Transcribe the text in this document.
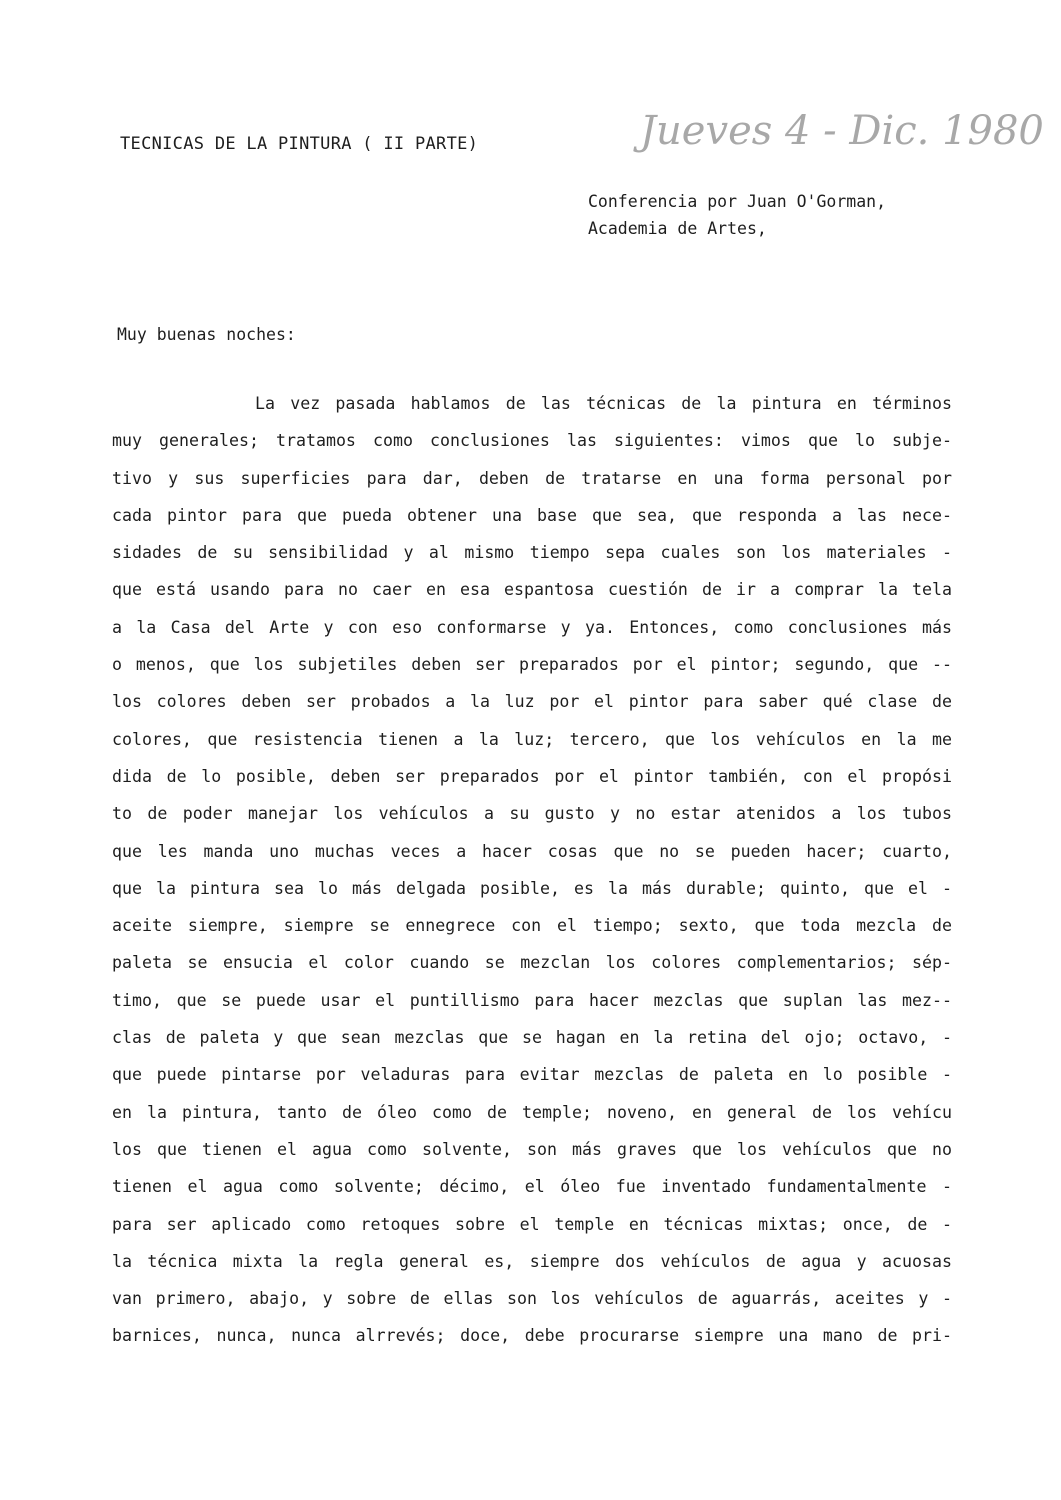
TECNICAS DE LA PINTURA ( II PARTE)	Jueves 4 - Dic. 1980
Conferencia por Juan O'Gorman,
Academia de Artes,
Muy buenas noches:
La vez pasada hablamos de las técnicas de la pintura en términos
muy generales; tratamos como conclusiones las siguientes: vimos que lo subje-
tivo y sus superficies para dar, deben de tratarse en una forma personal por
cada pintor para que pueda obtener una base que sea, que responda a las nece-
sidades de su sensibilidad y al mismo tiempo sepa cuales son los materiales -
que está usando para no caer en esa espantosa cuestión de ir a comprar la tela
a la Casa del Arte y con eso conformarse y ya. Entonces, como conclusiones más
o menos, que los subjetiles deben ser preparados por el pintor; segundo, que --
los colores deben ser probados a la luz por el pintor para saber qué clase de
colores, que resistencia tienen a la luz; tercero, que los vehículos en la me
dida de lo posible, deben ser preparados por el pintor también, con el propósi
to de poder manejar los vehículos a su gusto y no estar atenidos a los tubos
que les manda uno muchas veces a hacer cosas que no se pueden hacer; cuarto,
que la pintura sea lo más delgada posible, es la más durable; quinto, que el -
aceite siempre, siempre se ennegrece con el tiempo; sexto, que toda mezcla de
paleta se ensucia el color cuando se mezclan los colores complementarios; sép-
timo, que se puede usar el puntillismo para hacer mezclas que suplan las mez--
clas de paleta y que sean mezclas que se hagan en la retina del ojo; octavo, -
que puede pintarse por veladuras para evitar mezclas de paleta en lo posible -
en la pintura, tanto de óleo como de temple; noveno, en general de los vehícu
los que tienen el agua como solvente, son más graves que los vehículos que no
tienen el agua como solvente; décimo, el óleo fue inventado fundamentalmente -
para ser aplicado como retoques sobre el temple en técnicas mixtas; once, de -
la técnica mixta la regla general es, siempre dos vehículos de agua y acuosas
van primero, abajo, y sobre de ellas son los vehículos de aguarrás, aceites y -
barnices, nunca, nunca alrrevés; doce, debe procurarse siempre una mano de pri-
